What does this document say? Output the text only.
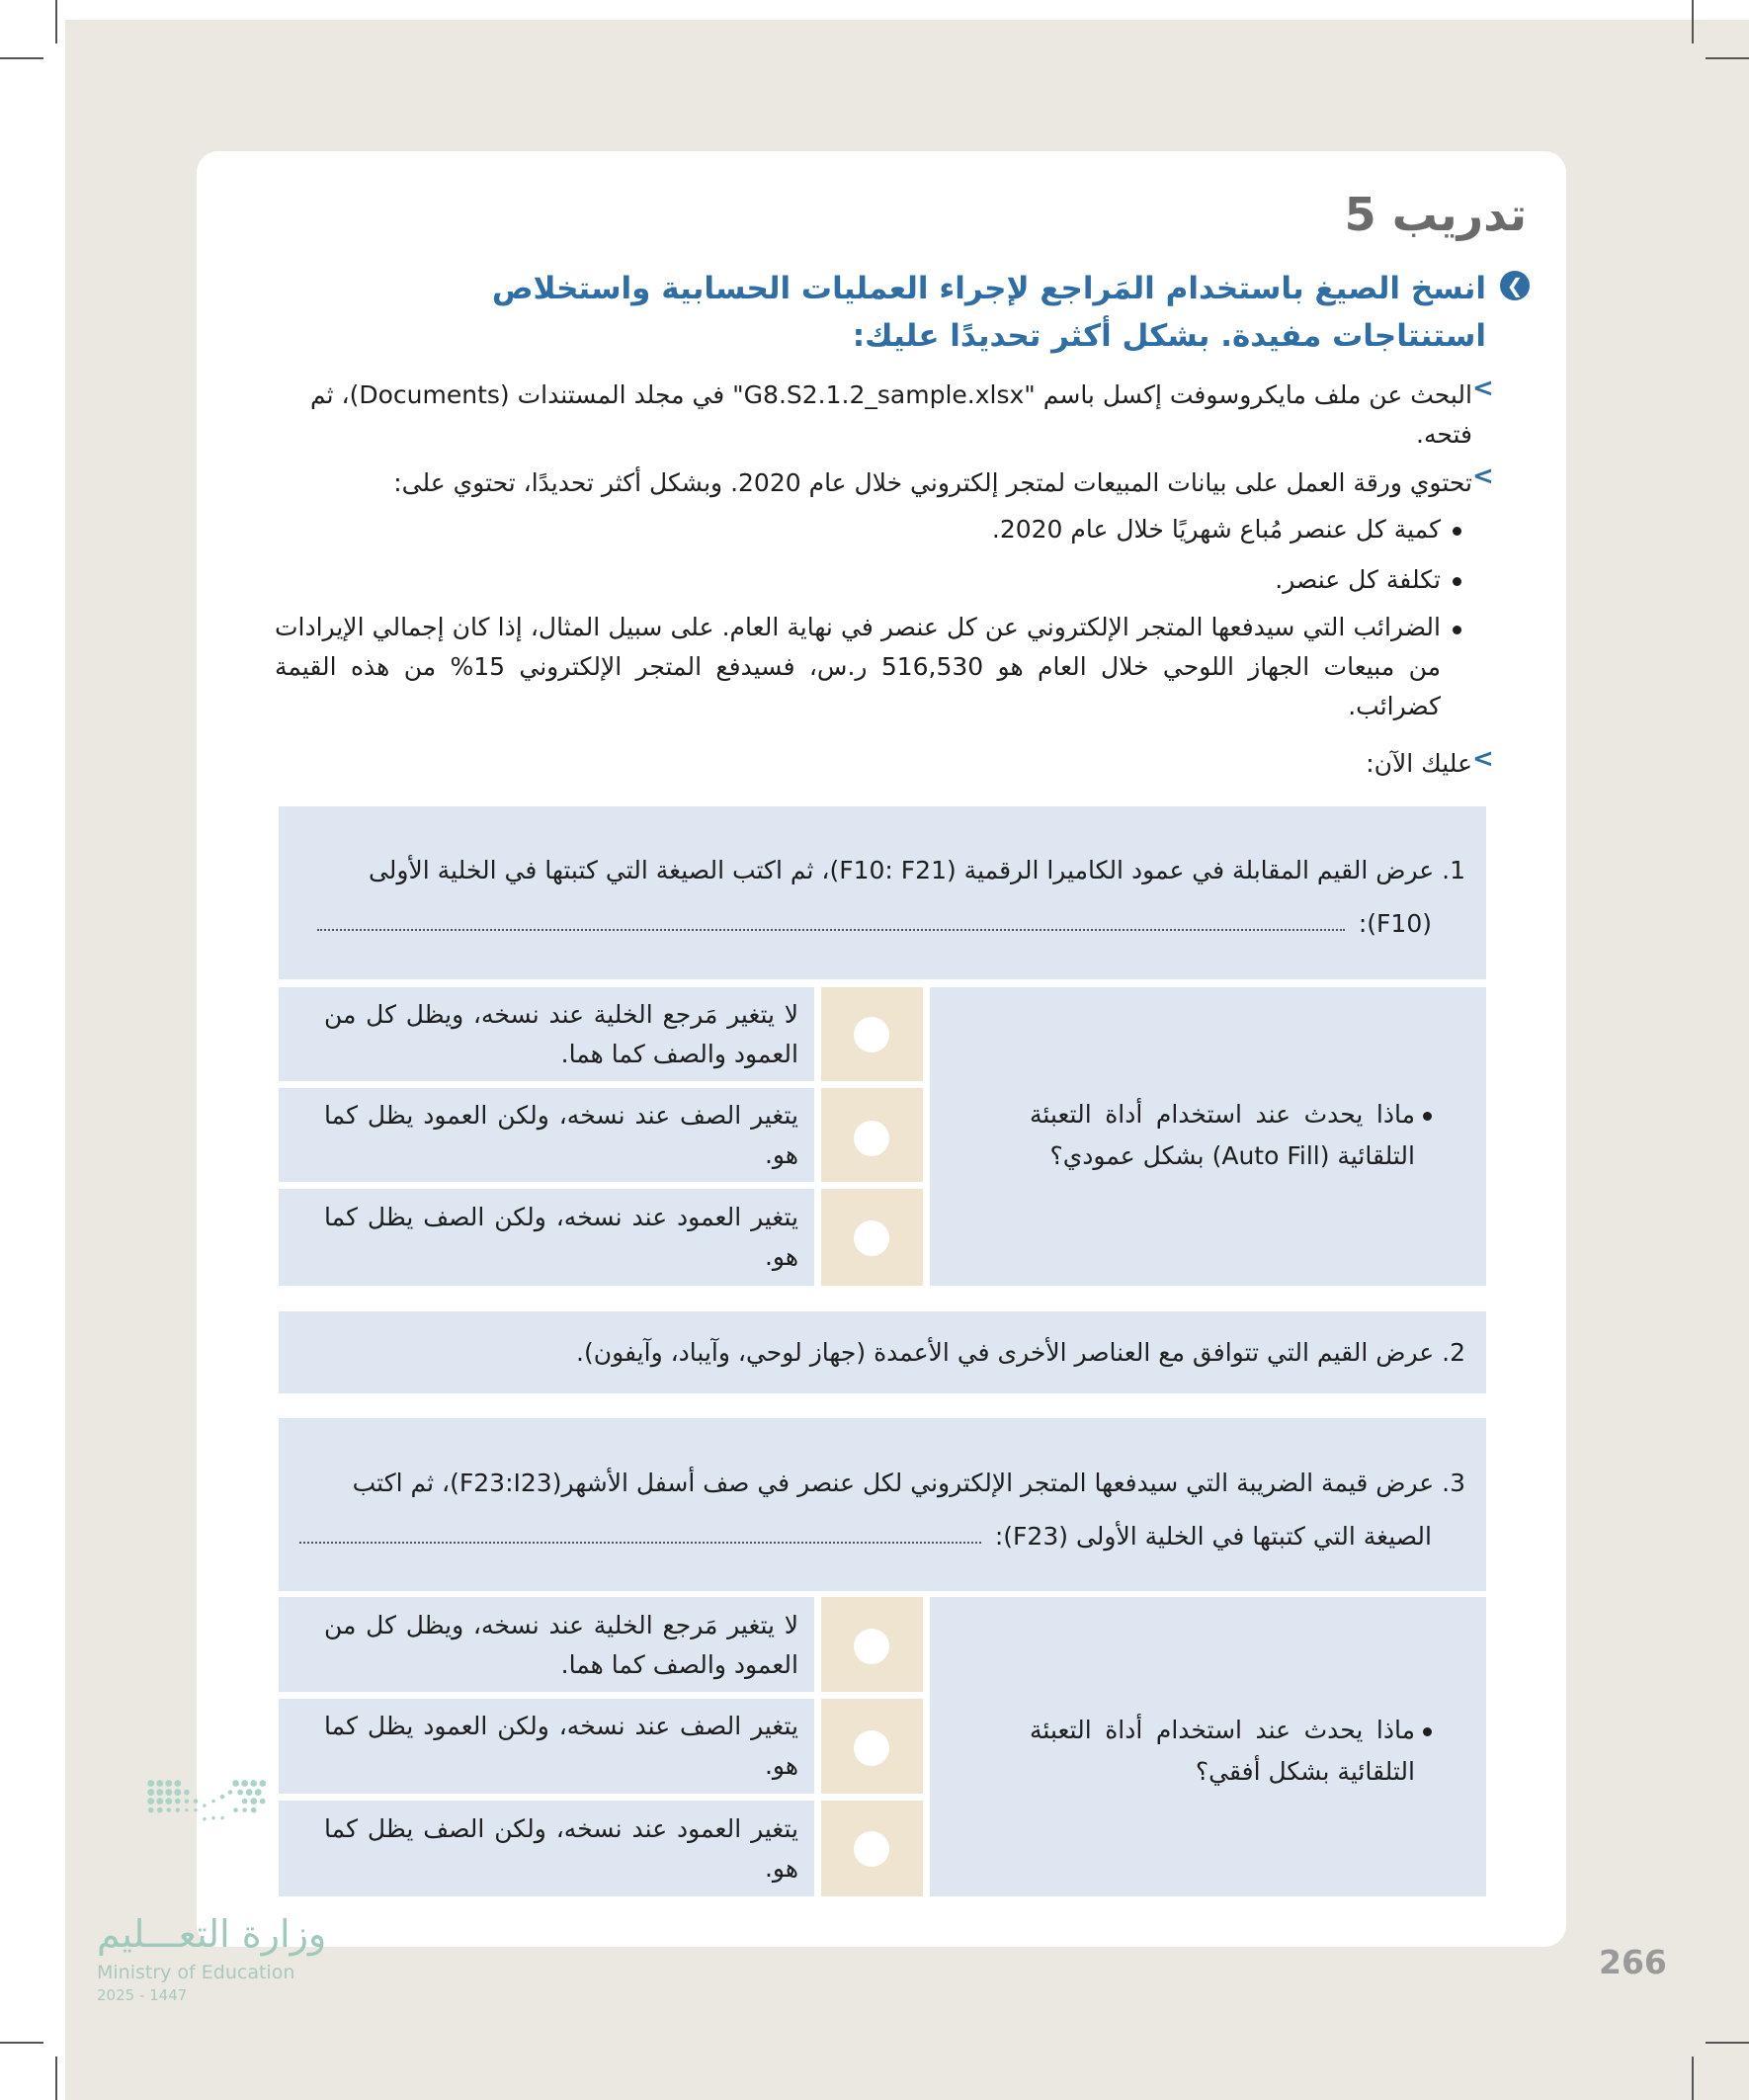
تدريب 5
❮
انسخ الصيغ باستخدام المَراجع لإجراء العمليات الحسابية واستخلاص استنتاجات مفيدة. بشكل أكثر تحديدًا عليك:
<
البحث عن ملف مايكروسوفت إكسل باسم "G8.S2.1.2_sample.xlsx" في مجلد المستندات (Documents)، ثم فتحه.
<
تحتوي ورقة العمل على بيانات المبيعات لمتجر إلكتروني خلال عام 2020. وبشكل أكثر تحديدًا، تحتوي على:
كمية كل عنصر مُباع شهريًا خلال عام 2020.
تكلفة كل عنصر.
الضرائب التي سيدفعها المتجر الإلكتروني عن كل عنصر في نهاية العام. على سبيل المثال، إذا كان إجمالي الإيرادات من مبيعات الجهاز اللوحي خلال العام هو 516,530 ر.س، فسيدفع المتجر الإلكتروني 15% من هذه القيمة كضرائب.
<
عليك الآن:
1. عرض القيم المقابلة في عمود الكاميرا الرقمية (F10: F21)، ثم اكتب الصيغة التي كتبتها في الخلية الأولى
(F10):
ماذا يحدث عند استخدام أداة التعبئة التلقائية (Auto Fill) بشكل عمودي؟
لا يتغير مَرجع الخلية عند نسخه، ويظل كل من العمود والصف كما هما.
يتغير الصف عند نسخه، ولكن العمود يظل كما هو.
يتغير العمود عند نسخه، ولكن الصف يظل كما هو.
2. عرض القيم التي تتوافق مع العناصر الأخرى في الأعمدة (جهاز لوحي، وآيباد، وآيفون).
3. عرض قيمة الضريبة التي سيدفعها المتجر الإلكتروني لكل عنصر في صف أسفل الأشهر(F23:I23)، ثم اكتب
الصيغة التي كتبتها في الخلية الأولى (F23):
ماذا يحدث عند استخدام أداة التعبئة التلقائية بشكل أفقي؟
لا يتغير مَرجع الخلية عند نسخه، ويظل كل من العمود والصف كما هما.
يتغير الصف عند نسخه، ولكن العمود يظل كما هو.
يتغير العمود عند نسخه، ولكن الصف يظل كما هو.
266
وزارة التعـــليم
Ministry of Education
2025 - 1447
